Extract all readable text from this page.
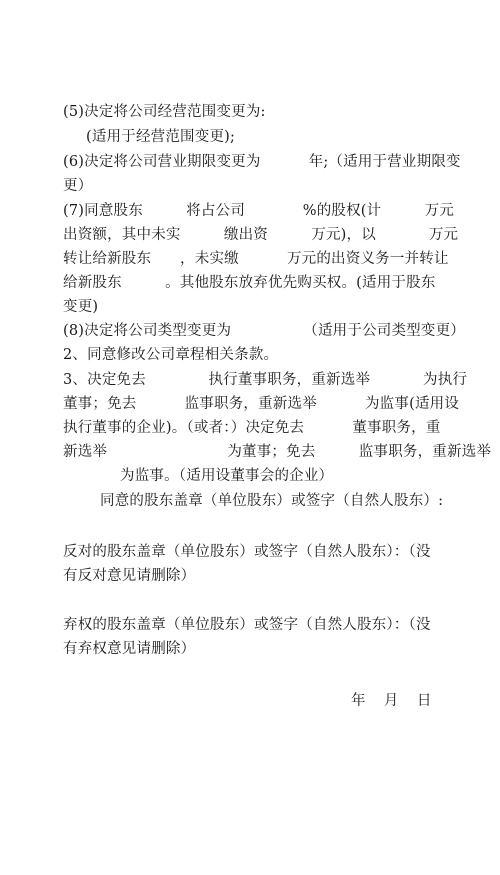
(5)决定将公司经营范围变更为:
(适用于经营范围变更);
(6)决定将公司营业期限变更为          年;（适用于营业期限变
更）
(7)同意股东         将占公司            %的股权(计         万元
出资额，其中未实         缴出资         万元)，以           万元
转让给新股东      ，未实缴          万元的出资义务一并转让
给新股东         。其他股东放弃优先购买权。(适用于股东
变更)
(8)决定将公司类型变更为               （适用于公司类型变更）
2、同意修改公司章程相关条款。
3、决定免去             执行董事职务，重新选举           为执行
董事；免去          监事职务，重新选举          为监事(适用设
执行董事的企业)。（或者：）决定免去          董事职务，重
新选举                         为董事；免去         监事职务，重新选举
为监事。（适用设董事会的企业）
同意的股东盖章（单位股东）或签字（自然人股东）:
反对的股东盖章（单位股东）或签字（自然人股东）：（没
有反对意见请删除）
弃权的股东盖章（单位股东）或签字（自然人股东）：（没
有弃权意见请删除）
年    月    日
